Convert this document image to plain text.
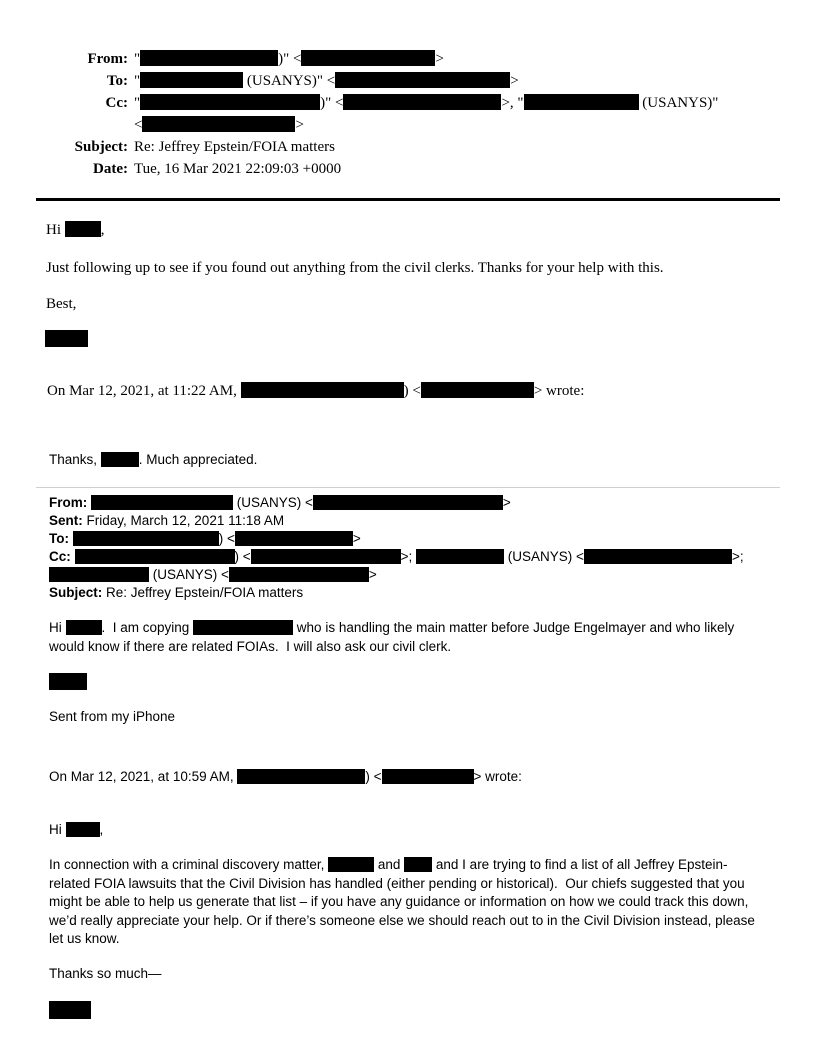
From: "	)" <	>
To: "	(USANYS)" <	>
Cc: "	)" <	>, "	(USANYS)"
<	>
Subject: Re: Jeffrey Epstein/FOIA matters
Date: Tue, 16 Mar 2021 22:09:03 +0000
Hi ,
Just following up to see if you found out anything from the civil clerks. Thanks for your help with this.
Best,
On Mar 12, 2021, at 11:22 AM,	) <	> wrote:
Thanks,	. Much appreciated.
From:	(USANYS) <	>
Sent: Friday, March 12, 2021 11:18 AM
To:	) <	>
Cc:	) <	>;	(USANYS) <	>;
(USANYS) <	>
Subject: Re: Jeffrey Epstein/FOIA matters
Hi	.  I am copying	who is handling the main matter before Judge Engelmayer and who likely would know if there are related FOIAs.  I will also ask our civil clerk.
Sent from my iPhone
On Mar 12, 2021, at 10:59 AM,	) <	> wrote:
Hi	,
In connection with a criminal discovery matter,	and  and I are trying to find a list of all Jeffrey Epstein-related FOIA lawsuits that the Civil Division has handled (either pending or historical).  Our chiefs suggested that you might be able to help us generate that list – if you have any guidance or information on how we could track this down, we’d really appreciate your help. Or if there’s someone else we should reach out to in the Civil Division instead, please let us know.
Thanks so much—
